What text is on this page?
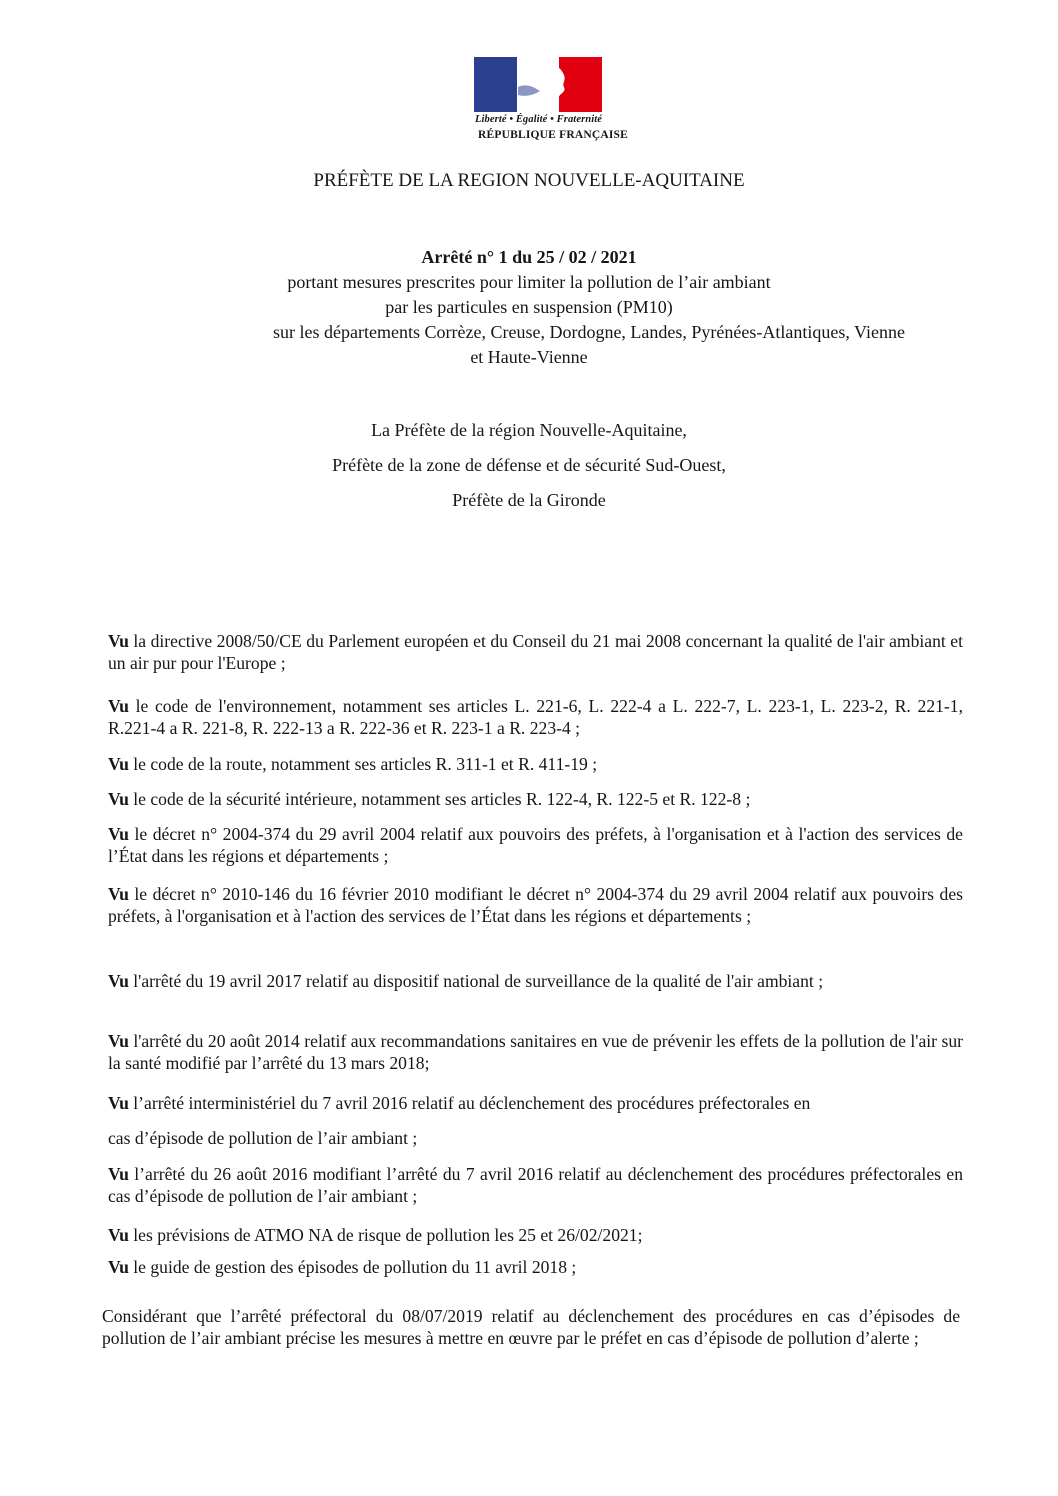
Liberté • Égalité • Fraternité
RÉPUBLIQUE FRANÇAISE
PRÉFÈTE DE LA REGION NOUVELLE-AQUITAINE
Arrêté n° 1 du 25 / 02 / 2021
portant mesures prescrites pour limiter la pollution de l’air ambiant
par les particules en suspension (PM10)
sur les départements Corrèze, Creuse, Dordogne, Landes, Pyrénées-Atlantiques, Vienne
et Haute-Vienne
La Préfète de la région Nouvelle-Aquitaine,
Préfète de la zone de défense et de sécurité Sud-Ouest,
Préfète de la Gironde
Vu la directive 2008/50/CE du Parlement européen et du Conseil du 21 mai 2008 concernant la qualité de l'air ambiant et un air pur pour l'Europe ;
Vu le code de l'environnement, notamment ses articles L. 221-6, L. 222-4 a L. 222-7, L. 223-1, L. 223-2, R. 221-1, R.221-4 a R. 221-8, R. 222-13 a R. 222-36 et R. 223-1 a R. 223-4 ;
Vu le code de la route, notamment ses articles R. 311-1 et R. 411-19 ;
Vu le code de la sécurité intérieure, notamment ses articles R. 122-4, R. 122-5 et R. 122-8 ;
Vu le décret n° 2004-374 du 29 avril 2004 relatif aux pouvoirs des préfets, à l'organisation et à l'action des services de l’État dans les régions et départements ;
Vu le décret n° 2010-146 du 16 février 2010 modifiant le décret n° 2004-374 du 29 avril 2004 relatif aux pouvoirs des préfets, à l'organisation et à l'action des services de l’État dans les régions et départements ;
Vu l'arrêté du 19 avril 2017 relatif au dispositif national de surveillance de la qualité de l'air ambiant ;
Vu l'arrêté du 20 août 2014 relatif aux recommandations sanitaires en vue de prévenir les effets de la pollution de l'air sur la santé modifié par l’arrêté du 13 mars 2018;
Vu l’arrêté interministériel du 7 avril 2016 relatif au déclenchement des procédures préfectorales en
cas d’épisode de pollution de l’air ambiant ;
Vu l’arrêté du 26 août 2016 modifiant l’arrêté du 7 avril 2016 relatif au déclenchement des procédures préfectorales en cas d’épisode de pollution de l’air ambiant ;
Vu les prévisions de ATMO NA de risque de pollution les 25 et 26/02/2021;
Vu le guide de gestion des épisodes de pollution du 11 avril 2018 ;
Considérant que l’arrêté préfectoral du 08/07/2019 relatif au déclenchement des procédures en cas d’épisodes de pollution de l’air ambiant précise les mesures à mettre en œuvre par le préfet en cas d’épisode de pollution d’alerte ;
